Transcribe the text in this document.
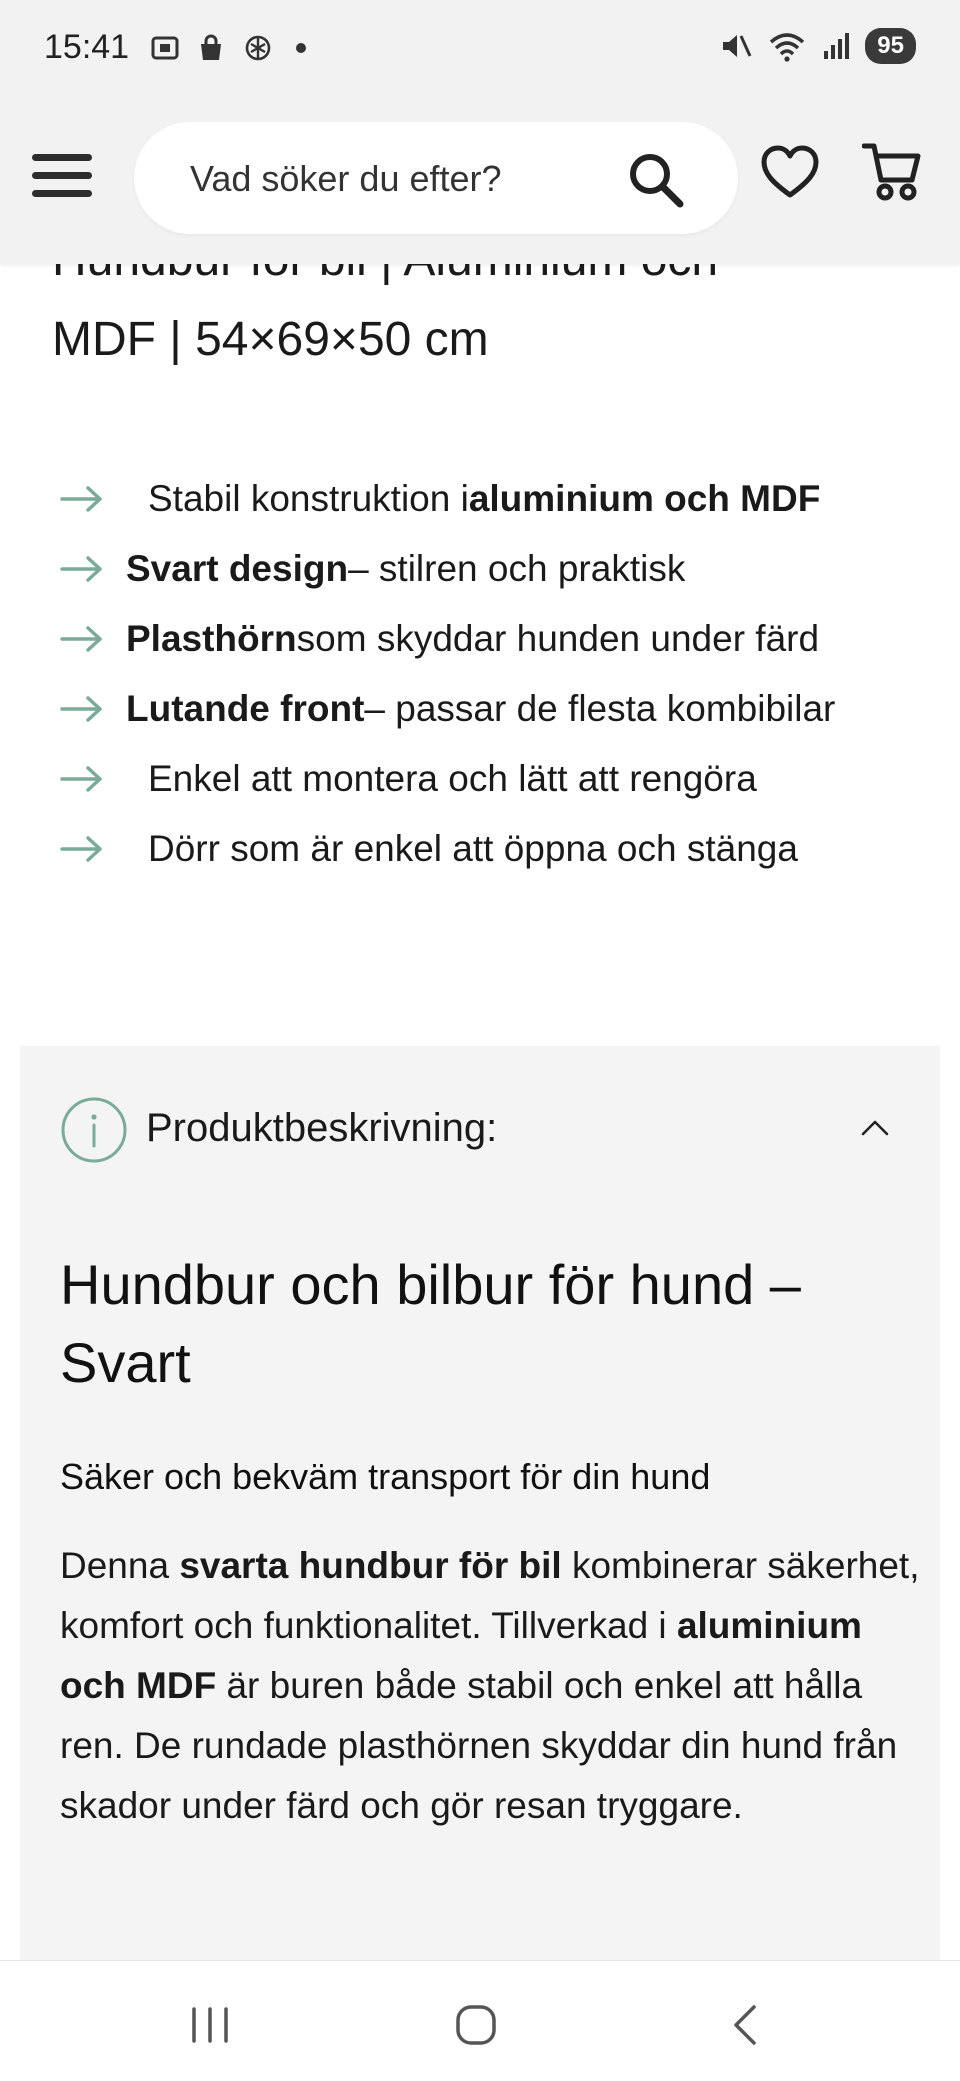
15:41	95
Vad söker du efter?

MDF | 54×69×50 cm
Stabil konstruktion i aluminium och MDF
Svart design – stilren och praktisk
Plasthörn som skyddar hunden under färd
Lutande front – passar de flesta kombibilar
Enkel att montera och lätt att rengöra
Dörr som är enkel att öppna och stänga
Produktbeskrivning:
Hundbur och bilbur för hund – Svart
Säker och bekväm transport för din hund

Denna svarta hundbur för bil kombinerar säkerhet, komfort och funktionalitet. Tillverkad i aluminium och MDF är buren både stabil och enkel att hålla ren. De rundade plasthörnen skyddar din hund från skador under färd och gör resan tryggare.
